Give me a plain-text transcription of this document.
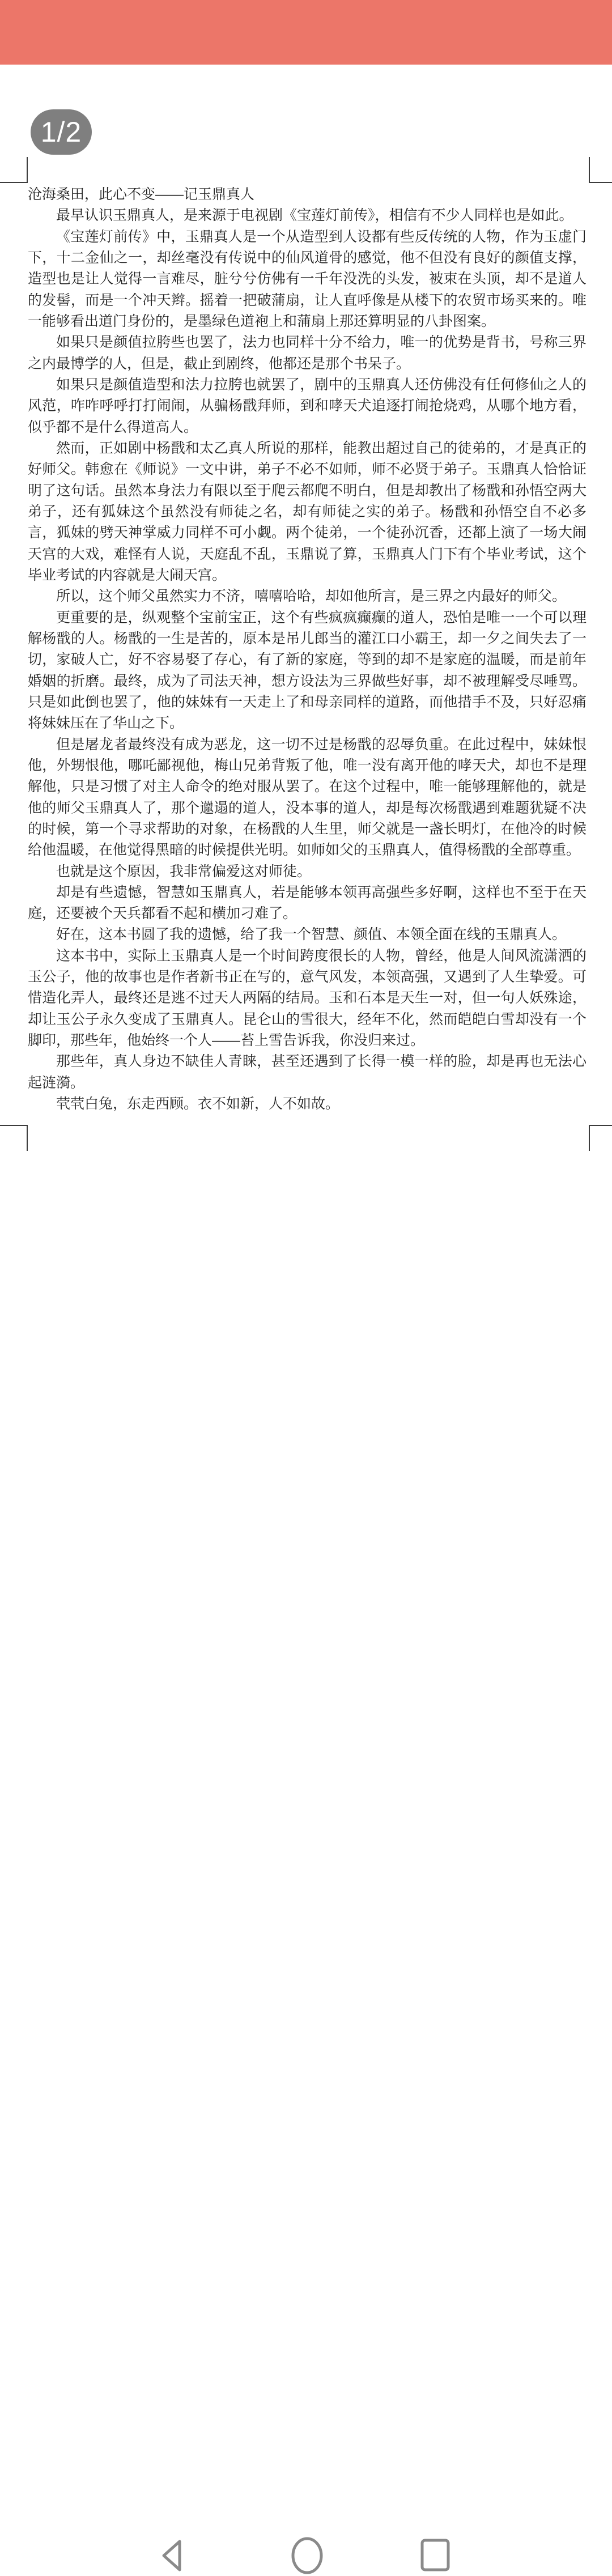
1/2

沧海桑田，此心不变——记玉鼎真人

最早认识玉鼎真人，是来源于电视剧《宝莲灯前传》，相信有不少人同样也是如此。

《宝莲灯前传》中，玉鼎真人是一个从造型到人设都有些反传统的人物，作为玉虚门下，十二金仙之一，却丝毫没有传说中的仙风道骨的感觉，他不但没有良好的颜值支撑，造型也是让人觉得一言难尽，脏兮兮仿佛有一千年没洗的头发，被束在头顶，却不是道人的发髻，而是一个冲天辫。摇着一把破蒲扇，让人直呼像是从楼下的农贸市场买来的。唯一能够看出道门身份的，是墨绿色道袍上和蒲扇上那还算明显的八卦图案。

如果只是颜值拉胯些也罢了，法力也同样十分不给力，唯一的优势是背书，号称三界之内最博学的人，但是，截止到剧终，他都还是那个书呆子。

如果只是颜值造型和法力拉胯也就罢了，剧中的玉鼎真人还仿佛没有任何修仙之人的风范，咋咋呼呼打打闹闹，从骗杨戬拜师，到和哮天犬追逐打闹抢烧鸡，从哪个地方看，似乎都不是什么得道高人。

然而，正如剧中杨戬和太乙真人所说的那样，能教出超过自己的徒弟的，才是真正的好师父。韩愈在《师说》一文中讲，弟子不必不如师，师不必贤于弟子。玉鼎真人恰恰证明了这句话。虽然本身法力有限以至于爬云都爬不明白，但是却教出了杨戬和孙悟空两大弟子，还有狐妹这个虽然没有师徒之名，却有师徒之实的弟子。杨戬和孙悟空自不必多言，狐妹的劈天神掌威力同样不可小觑。两个徒弟，一个徒孙沉香，还都上演了一场大闹天宫的大戏，难怪有人说，天庭乱不乱，玉鼎说了算，玉鼎真人门下有个毕业考试，这个毕业考试的内容就是大闹天宫。

所以，这个师父虽然实力不济，嘻嘻哈哈，却如他所言，是三界之内最好的师父。

更重要的是，纵观整个宝前宝正，这个有些疯疯癫癫的道人，恐怕是唯一一个可以理解杨戬的人。杨戬的一生是苦的，原本是吊儿郎当的灌江口小霸王，却一夕之间失去了一切，家破人亡，好不容易娶了存心，有了新的家庭，等到的却不是家庭的温暖，而是前年婚姻的折磨。最终，成为了司法天神，想方设法为三界做些好事，却不被理解受尽唾骂。只是如此倒也罢了，他的妹妹有一天走上了和母亲同样的道路，而他措手不及，只好忍痛将妹妹压在了华山之下。

但是屠龙者最终没有成为恶龙，这一切不过是杨戬的忍辱负重。在此过程中，妹妹恨他，外甥恨他，哪吒鄙视他，梅山兄弟背叛了他，唯一没有离开他的哮天犬，却也不是理解他，只是习惯了对主人命令的绝对服从罢了。在这个过程中，唯一能够理解他的，就是他的师父玉鼎真人了，那个邋遢的道人，没本事的道人，却是每次杨戬遇到难题犹疑不决的时候，第一个寻求帮助的对象，在杨戬的人生里，师父就是一盏长明灯，在他冷的时候给他温暖，在他觉得黑暗的时候提供光明。如师如父的玉鼎真人，值得杨戬的全部尊重。

也就是这个原因，我非常偏爱这对师徒。

却是有些遗憾，智慧如玉鼎真人，若是能够本领再高强些多好啊，这样也不至于在天庭，还要被个天兵都看不起和横加刁难了。

好在，这本书圆了我的遗憾，给了我一个智慧、颜值、本领全面在线的玉鼎真人。

这本书中，实际上玉鼎真人是一个时间跨度很长的人物，曾经，他是人间风流潇洒的玉公子，他的故事也是作者新书正在写的，意气风发，本领高强，又遇到了人生挚爱。可惜造化弄人，最终还是逃不过天人两隔的结局。玉和石本是天生一对，但一句人妖殊途，却让玉公子永久变成了玉鼎真人。昆仑山的雪很大，经年不化，然而皑皑白雪却没有一个脚印，那些年，他始终一个人——苔上雪告诉我，你没归来过。

那些年，真人身边不缺佳人青睐，甚至还遇到了长得一模一样的脸，却是再也无法心起涟漪。

茕茕白兔，东走西顾。衣不如新，人不如故。
